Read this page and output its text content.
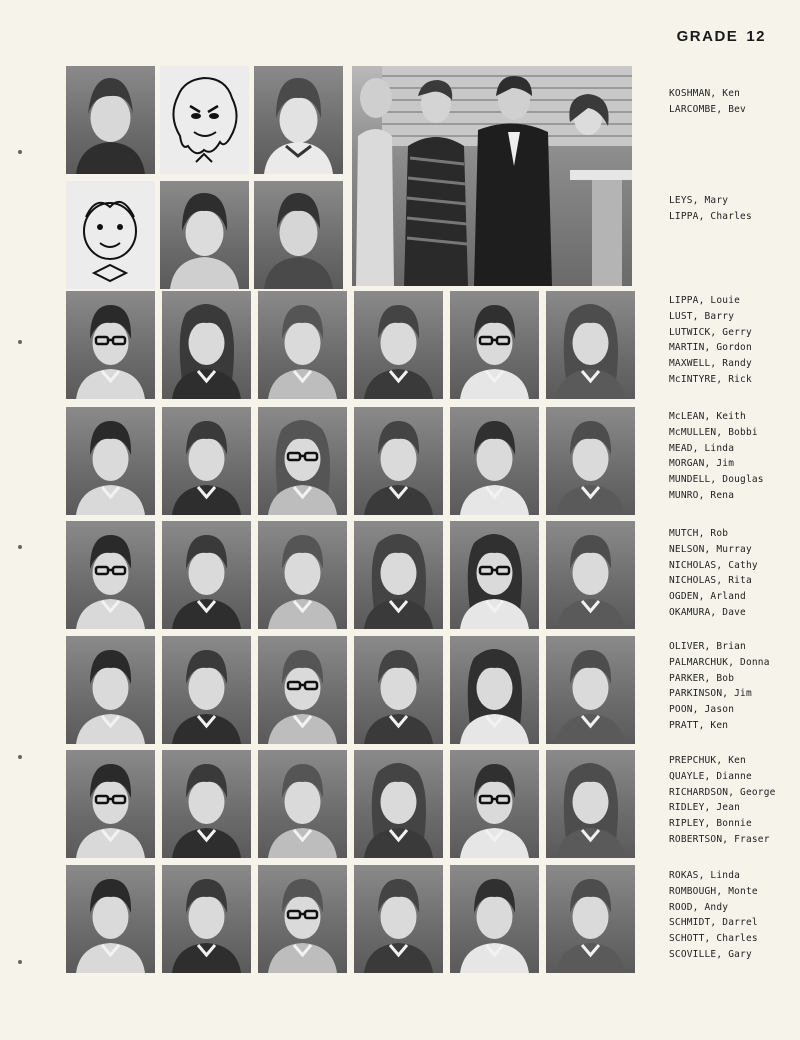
GRADE 12
KOSHMAN, Ken
LARCOMBE, Bev
LEYS, Mary
LIPPA, Charles
LIPPA, Louie
LUST, Barry
LUTWICK, Gerry
MARTIN, Gordon
MAXWELL, Randy
McINTYRE, Rick
McLEAN, Keith
McMULLEN, Bobbi
MEAD, Linda
MORGAN, Jim
MUNDELL, Douglas
MUNRO, Rena
MUTCH, Rob
NELSON, Murray
NICHOLAS, Cathy
NICHOLAS, Rita
OGDEN, Arland
OKAMURA, Dave
OLIVER, Brian
PALMARCHUK, Donna
PARKER, Bob
PARKINSON, Jim
POON, Jason
PRATT, Ken
PREPCHUK, Ken
QUAYLE, Dianne
RICHARDSON, George
RIDLEY, Jean
RIPLEY, Bonnie
ROBERTSON, Fraser
ROKAS, Linda
ROMBOUGH, Monte
ROOD, Andy
SCHMIDT, Darrel
SCHOTT, Charles
SCOVILLE, Gary
